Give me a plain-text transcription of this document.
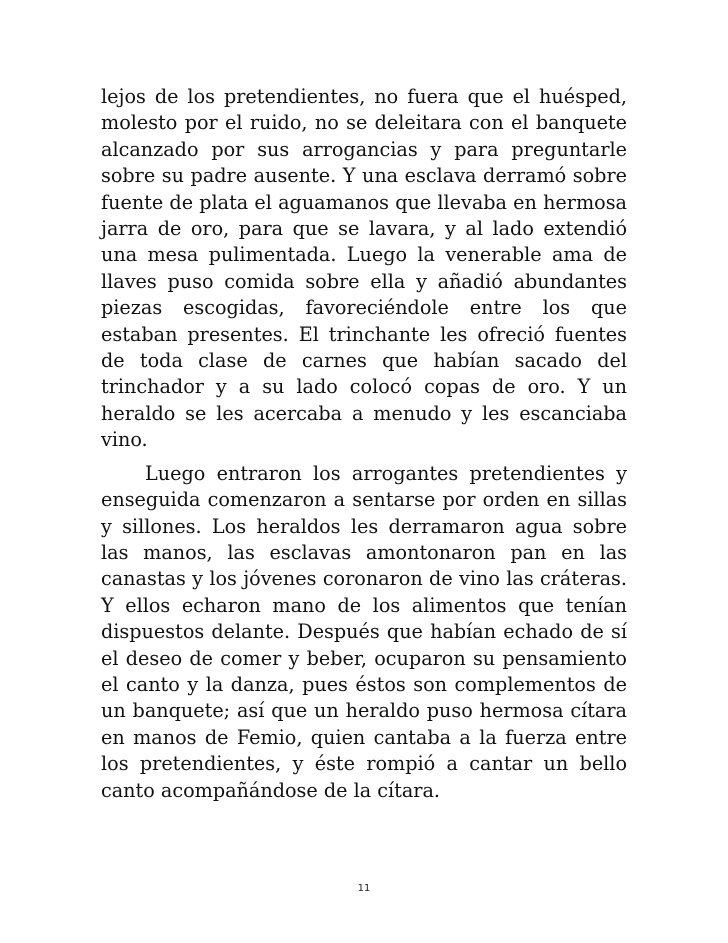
lejos de los pretendientes, no fuera que el huésped, molesto por el ruido, no se deleitara con el banquete alcanzado por sus arrogancias y para preguntarle sobre su padre ausente. Y una esclava derramó sobre fuente de plata el aguamanos que llevaba en hermosa jarra de oro, para que se lavara, y al lado extendió una mesa pulimentada. Luego la venerable ama de llaves puso comida sobre ella y añadió abundantes piezas escogidas, favoreciéndole entre los que estaban presentes. El trinchante les ofreció fuentes de toda clase de carnes que habían sacado del trinchador y a su lado colocó copas de oro. Y un heraldo se les acercaba a menudo y les escanciaba vino.

Luego entraron los arrogantes pretendientes y enseguida comenzaron a sentarse por orden en sillas y sillones. Los heraldos les derramaron agua sobre las manos, las esclavas amontonaron pan en las canastas y los jóvenes coronaron de vino las cráteras. Y ellos echaron mano de los alimentos que tenían dispuestos delante. Después que habían echado de sí el deseo de comer y beber, ocuparon su pensamiento el canto y la danza, pues éstos son complementos de un banquete; así que un heraldo puso hermosa cítara en manos de Femio, quien cantaba a la fuerza entre los pretendientes, y éste rompió a cantar un bello canto acompañándose de la cítara.

11
